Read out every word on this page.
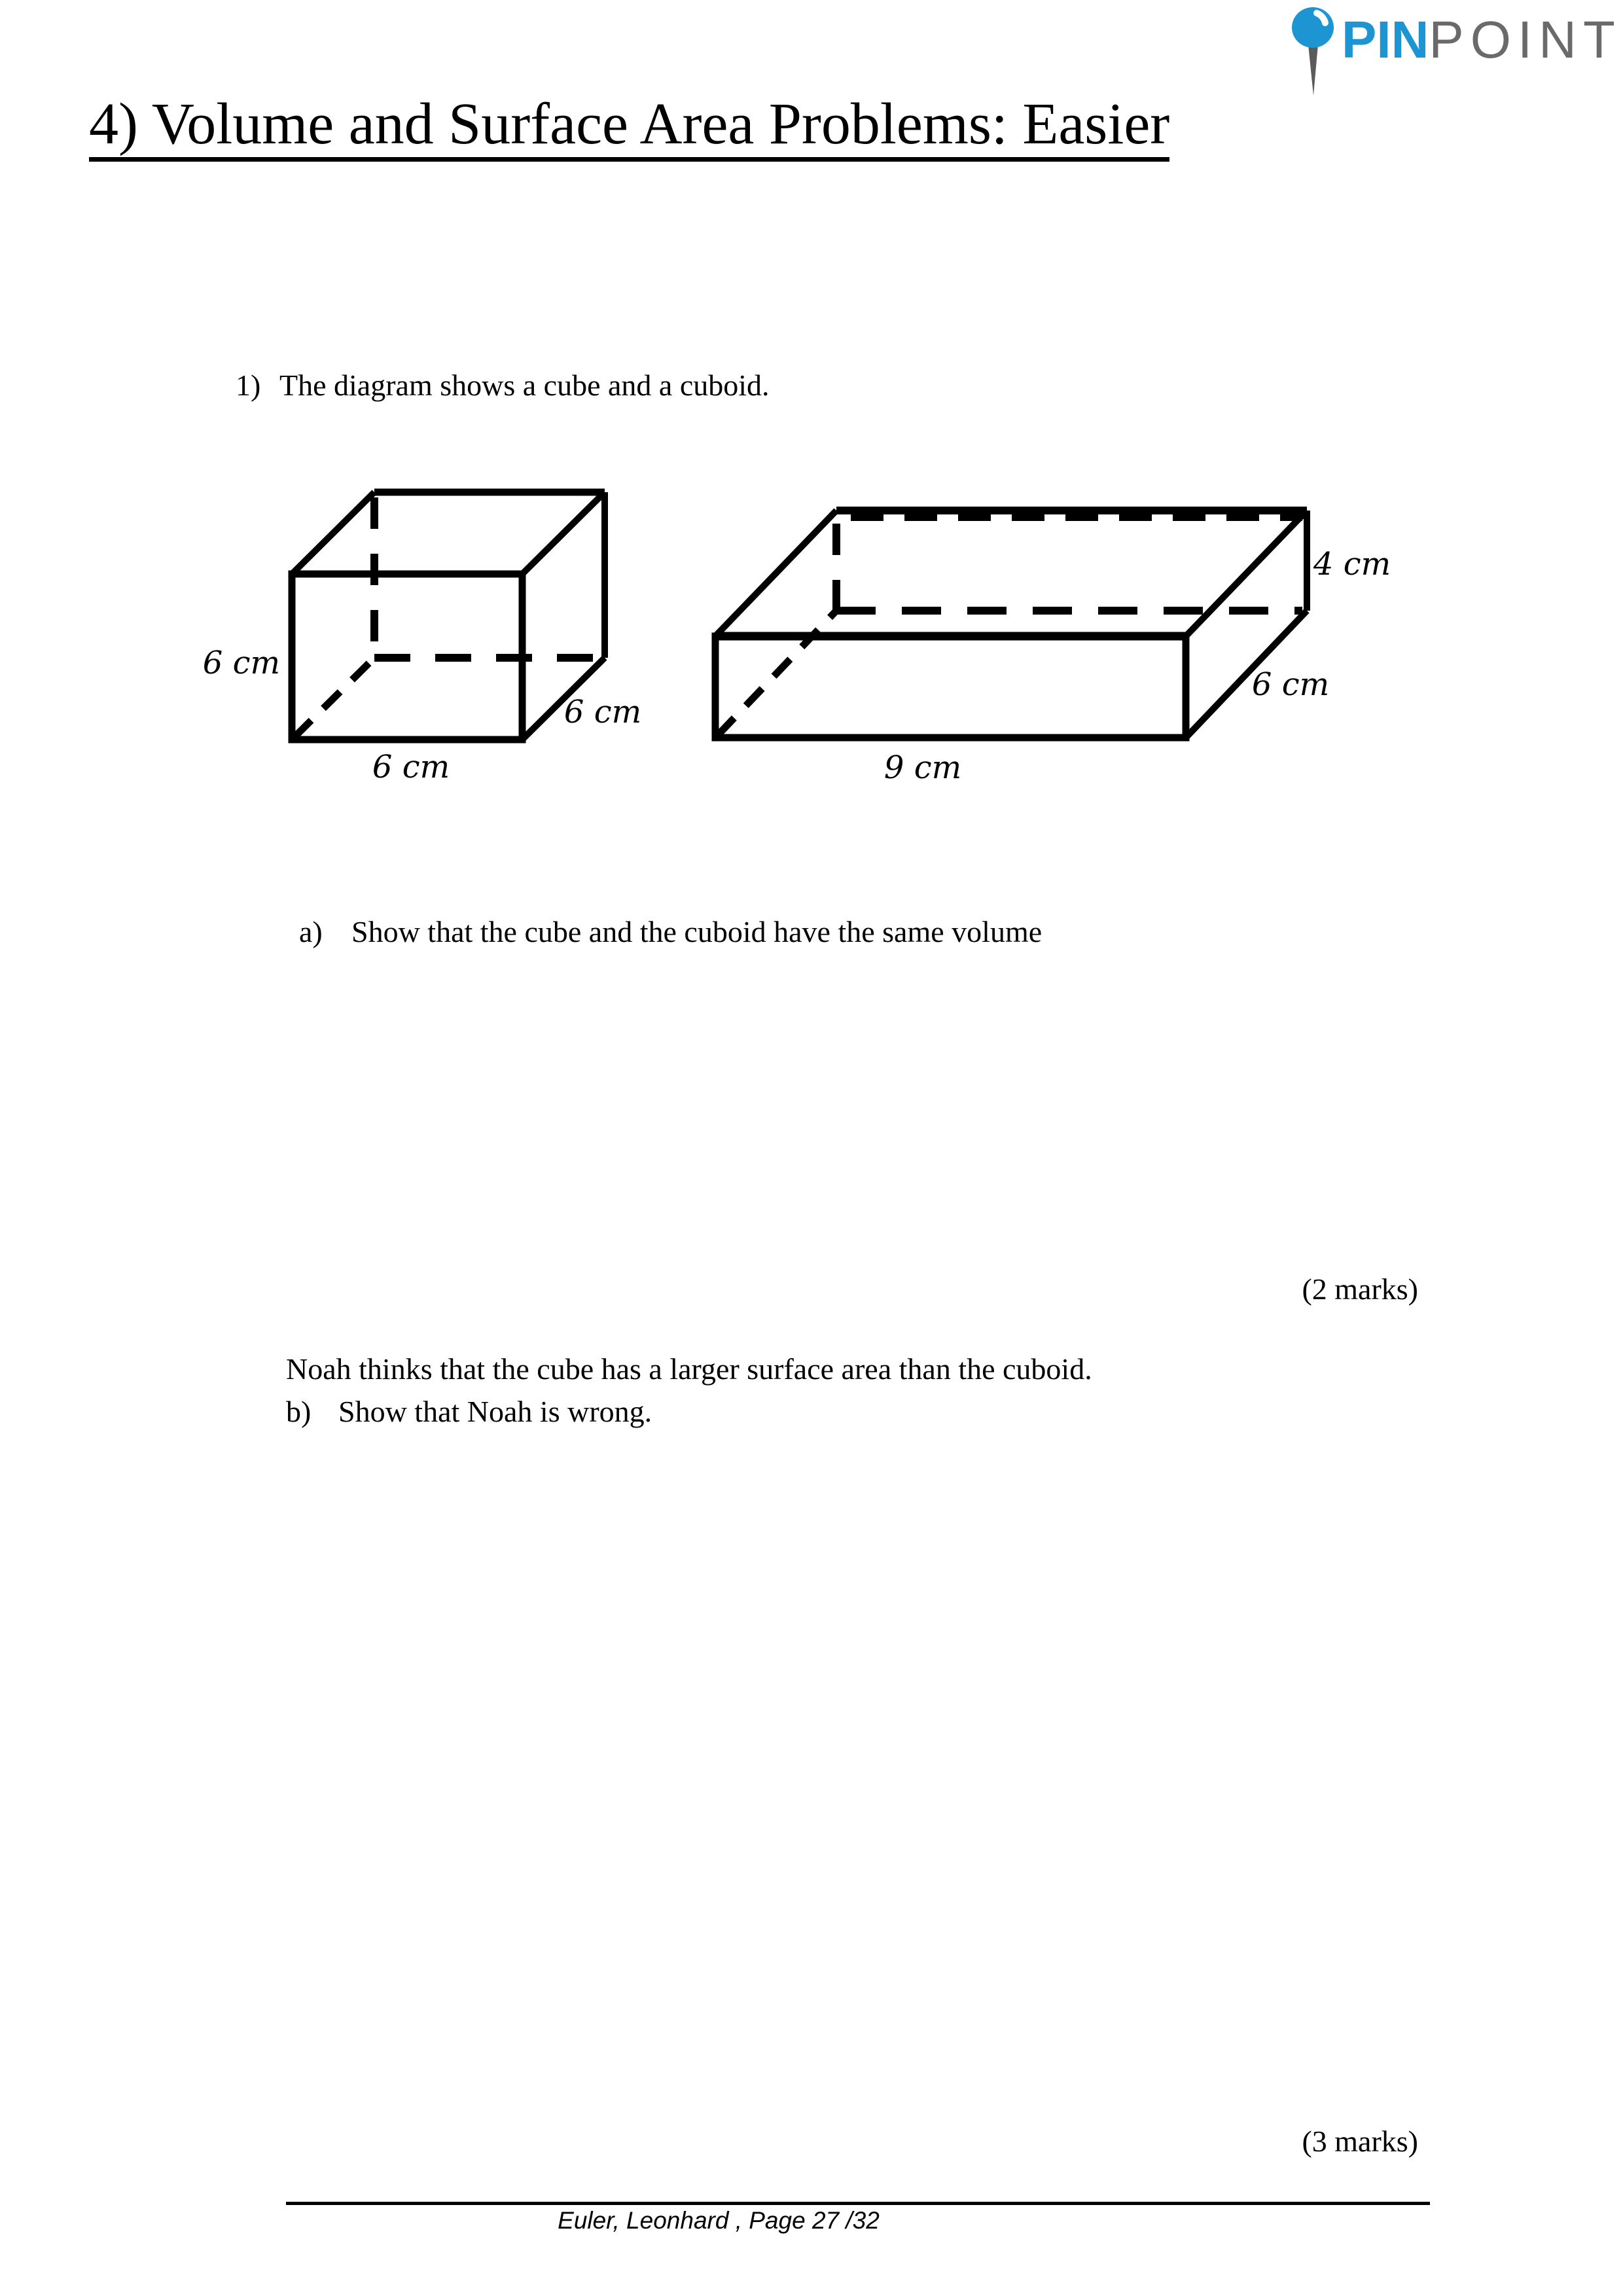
PINPOINT
4) Volume and Surface Area Problems: Easier
1) The diagram shows a cube and a cuboid.
6 cm
6 cm
6 cm
4 cm
6 cm
9 cm
a) Show that the cube and the cuboid have the same volume
(2 marks)
Noah thinks that the cube has a larger surface area than the cuboid.
b) Show that Noah is wrong.
(3 marks)
Euler, Leonhard , Page 27 /32
